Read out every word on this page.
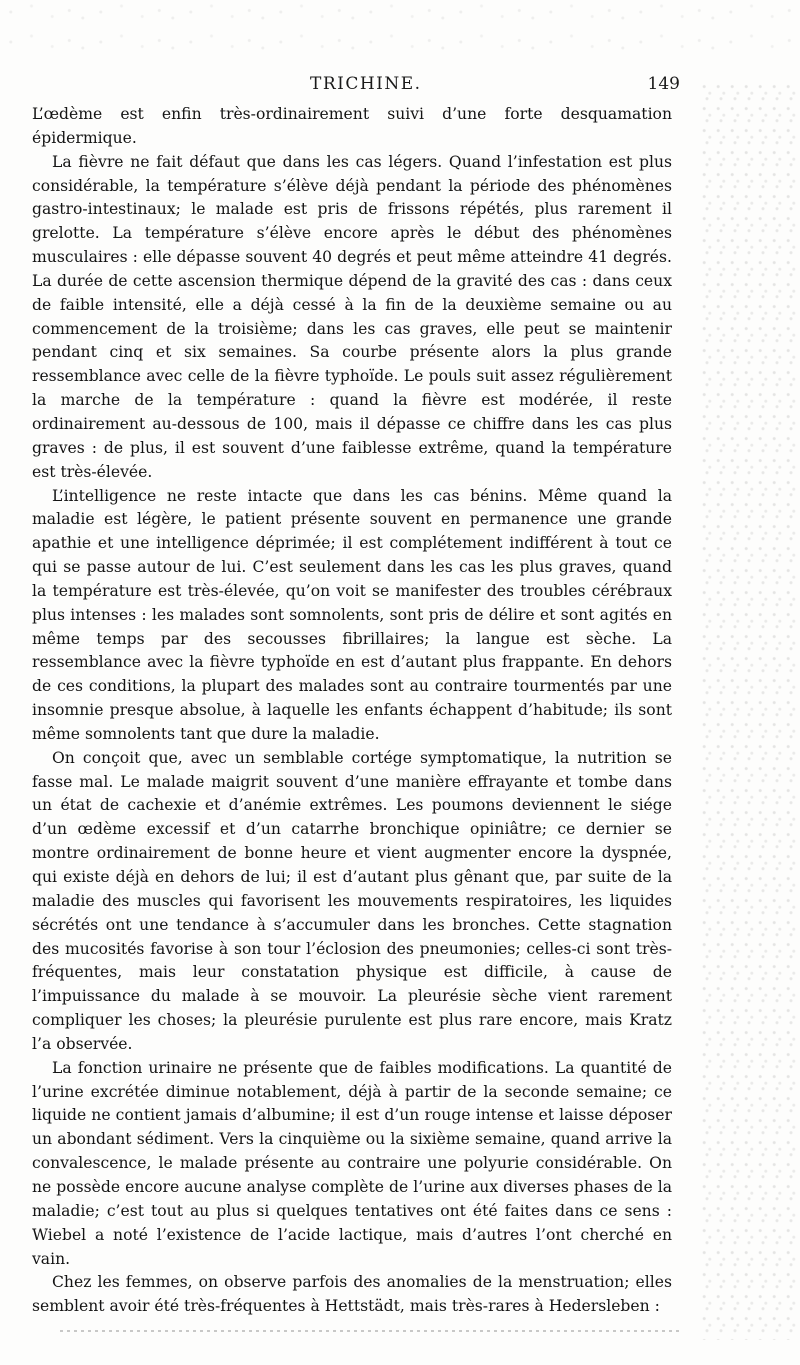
TRICHINE.	149

L’œdème est enfin très-ordinairement suivi d’une forte desquamation épidermique.

La fièvre ne fait défaut que dans les cas légers. Quand l’infestation est plus considérable, la température s’élève déjà pendant la période des phénomènes gastro-intestinaux; le malade est pris de frissons répétés, plus rarement il grelotte. La température s’élève encore après le début des phénomènes musculaires : elle dépasse souvent 40 degrés et peut même atteindre 41 degrés. La durée de cette ascension thermique dépend de la gravité des cas : dans ceux de faible intensité, elle a déjà cessé à la fin de la deuxième semaine ou au commencement de la troisième; dans les cas graves, elle peut se maintenir pendant cinq et six semaines. Sa courbe présente alors la plus grande ressemblance avec celle de la fièvre typhoïde. Le pouls suit assez régulièrement la marche de la température : quand la fièvre est modérée, il reste ordinairement au-dessous de 100, mais il dépasse ce chiffre dans les cas plus graves : de plus, il est souvent d’une faiblesse extrême, quand la température est très-élevée.

L’intelligence ne reste intacte que dans les cas bénins. Même quand la maladie est légère, le patient présente souvent en permanence une grande apathie et une intelligence déprimée; il est complétement indifférent à tout ce qui se passe autour de lui. C’est seulement dans les cas les plus graves, quand la température est très-élevée, qu’on voit se manifester des troubles cérébraux plus intenses : les malades sont somnolents, sont pris de délire et sont agités en même temps par des secousses fibrillaires; la langue est sèche. La ressemblance avec la fièvre typhoïde en est d’autant plus frappante. En dehors de ces conditions, la plupart des malades sont au contraire tourmentés par une insomnie presque absolue, à laquelle les enfants échappent d’habitude; ils sont même somnolents tant que dure la maladie.

On conçoit que, avec un semblable cortége symptomatique, la nutrition se fasse mal. Le malade maigrit souvent d’une manière effrayante et tombe dans un état de cachexie et d’anémie extrêmes. Les poumons deviennent le siége d’un œdème excessif et d’un catarrhe bronchique opiniâtre; ce dernier se montre ordinairement de bonne heure et vient augmenter encore la dyspnée, qui existe déjà en dehors de lui; il est d’autant plus gênant que, par suite de la maladie des muscles qui favorisent les mouvements respiratoires, les liquides sécrétés ont une tendance à s’accumuler dans les bronches. Cette stagnation des mucosités favorise à son tour l’éclosion des pneumonies; celles-ci sont très-fréquentes, mais leur constatation physique est difficile, à cause de l’impuissance du malade à se mouvoir. La pleurésie sèche vient rarement compliquer les choses; la pleurésie purulente est plus rare encore, mais Kratz l’a observée.

La fonction urinaire ne présente que de faibles modifications. La quantité de l’urine excrétée diminue notablement, déjà à partir de la seconde semaine; ce liquide ne contient jamais d’albumine; il est d’un rouge intense et laisse déposer un abondant sédiment. Vers la cinquième ou la sixième semaine, quand arrive la convalescence, le malade présente au contraire une polyurie considérable. On ne possède encore aucune analyse complète de l’urine aux diverses phases de la maladie; c’est tout au plus si quelques tentatives ont été faites dans ce sens : Wiebel a noté l’existence de l’acide lactique, mais d’autres l’ont cherché en vain.

Chez les femmes, on observe parfois des anomalies de la menstruation; elles semblent avoir été très-fréquentes à Hettstädt, mais très-rares à Hedersleben :
